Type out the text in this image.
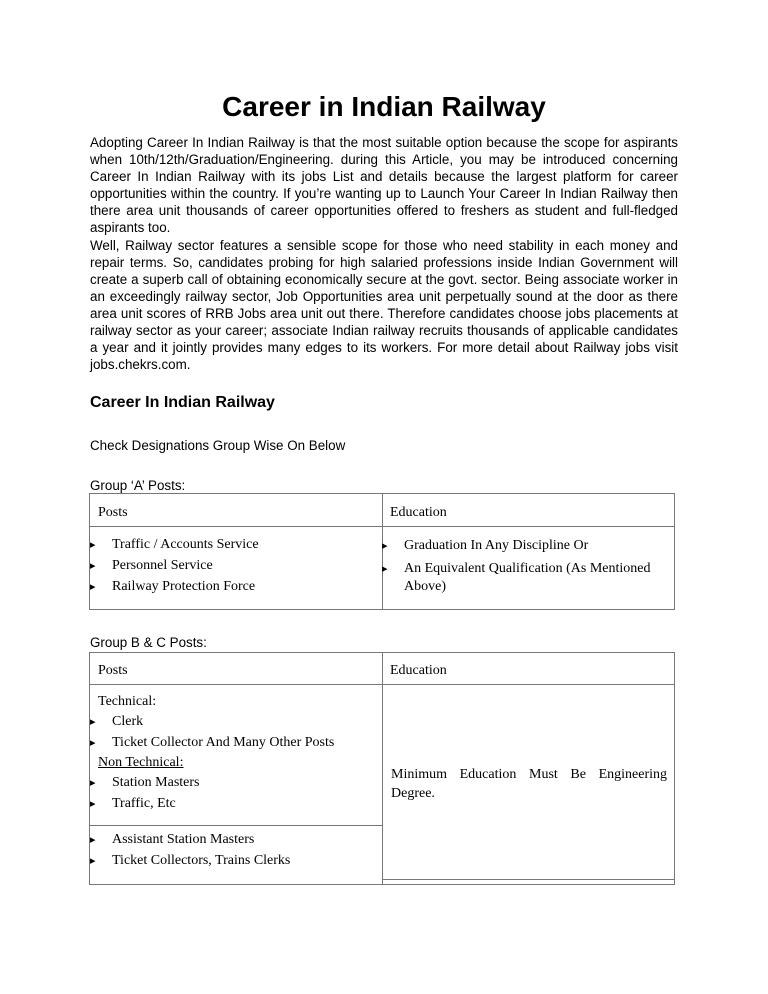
Career in Indian Railway

Adopting Career In Indian Railway is that the most suitable option because the scope for aspirants when 10th/12th/Graduation/Engineering. during this Article, you may be introduced concerning Career In Indian Railway with its jobs List and details because the largest platform for career opportunities within the country. If you’re wanting up to Launch Your Career In Indian Railway then there area unit thousands of career opportunities offered to freshers as student and full-fledged aspirants too.

Well, Railway sector features a sensible scope for those who need stability in each money and repair terms. So, candidates probing for high salaried professions inside Indian Government will create a superb call of obtaining economically secure at the govt. sector. Being associate worker in an exceedingly railway sector, Job Opportunities area unit perpetually sound at the door as there area unit scores of RRB Jobs area unit out there. Therefore candidates choose jobs placements at railway sector as your career; associate Indian railway recruits thousands of applicable candidates a year and it jointly provides many edges to its workers. For more detail about Railway jobs visit jobs.chekrs.com.

Career In Indian Railway
Check Designations Group Wise On Below
Group ‘A’ Posts:
Posts	Education
▸ Traffic / Accounts Service
▸ Personnel Service
▸ Railway Protection Force
▸ Graduation In Any Discipline Or
▸ An Equivalent Qualification (As Mentioned Above)
Group B & C Posts:
Posts	Education
Technical:
▸ Clerk
▸ Ticket Collector And Many Other Posts
Non Technical:
▸ Station Masters
▸ Traffic, Etc
▸ Assistant Station Masters
▸ Ticket Collectors, Trains Clerks
Minimum Education Must Be Engineering Degree.
